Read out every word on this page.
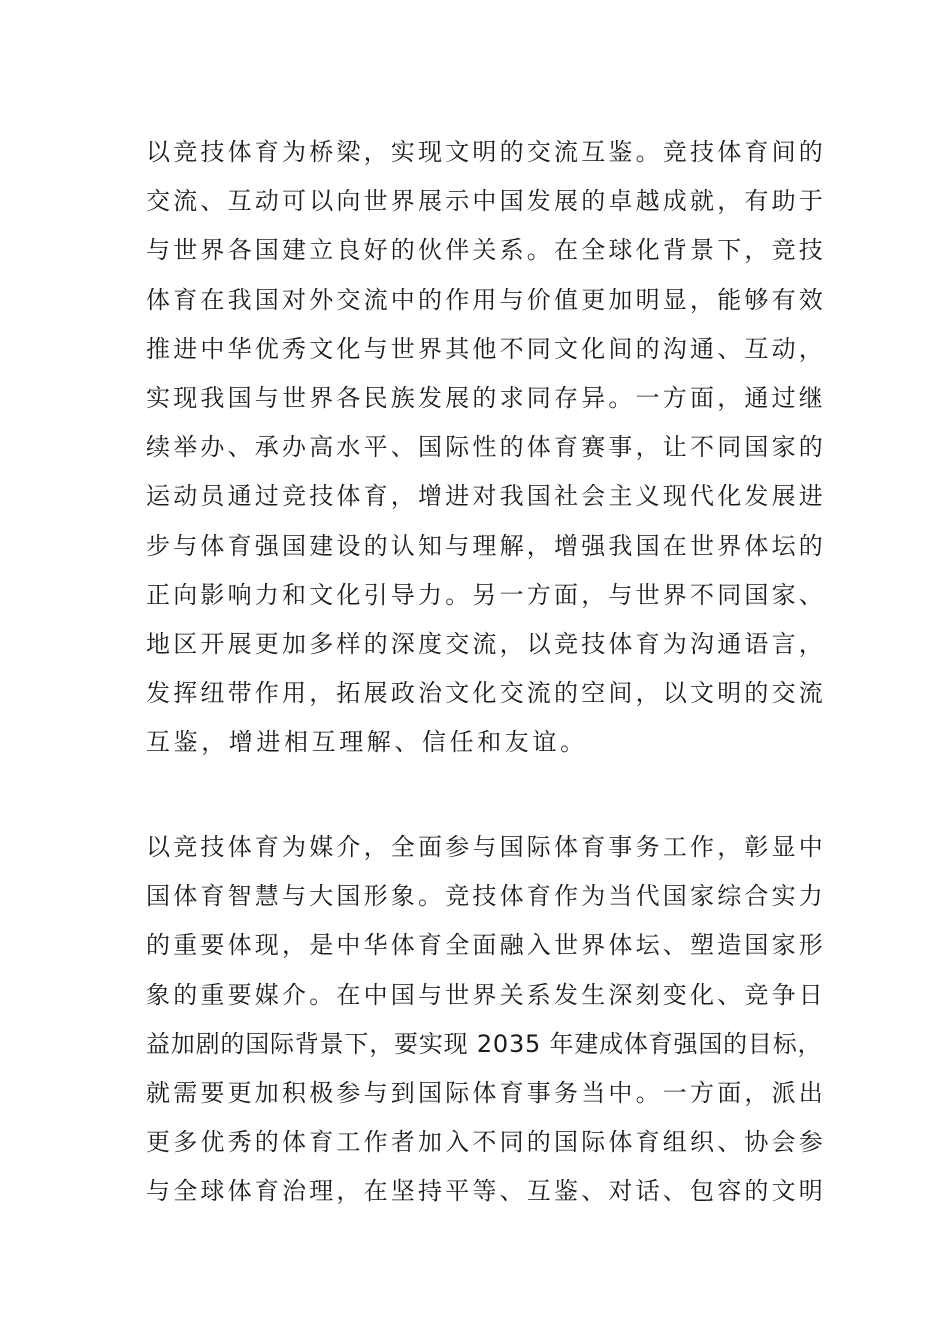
以竞技体育为桥梁，实现文明的交流互鉴。竞技体育间的
交流、互动可以向世界展示中国发展的卓越成就，有助于
与世界各国建立良好的伙伴关系。在全球化背景下，竞技
体育在我国对外交流中的作用与价值更加明显，能够有效
推进中华优秀文化与世界其他不同文化间的沟通、互动，
实现我国与世界各民族发展的求同存异。一方面，通过继
续举办、承办高水平、国际性的体育赛事，让不同国家的
运动员通过竞技体育，增进对我国社会主义现代化发展进
步与体育强国建设的认知与理解，增强我国在世界体坛的
正向影响力和文化引导力。另一方面，与世界不同国家、
地区开展更加多样的深度交流，以竞技体育为沟通语言，
发挥纽带作用，拓展政治文化交流的空间，以文明的交流
互鉴，增进相互理解、信任和友谊。
以竞技体育为媒介，全面参与国际体育事务工作，彰显中
国体育智慧与大国形象。竞技体育作为当代国家综合实力
的重要体现，是中华体育全面融入世界体坛、塑造国家形
象的重要媒介。在中国与世界关系发生深刻变化、竞争日
益加剧的国际背景下，要实现 2035 年建成体育强国的目标，
就需要更加积极参与到国际体育事务当中。一方面，派出
更多优秀的体育工作者加入不同的国际体育组织、协会参
与全球体育治理，在坚持平等、互鉴、对话、包容的文明
